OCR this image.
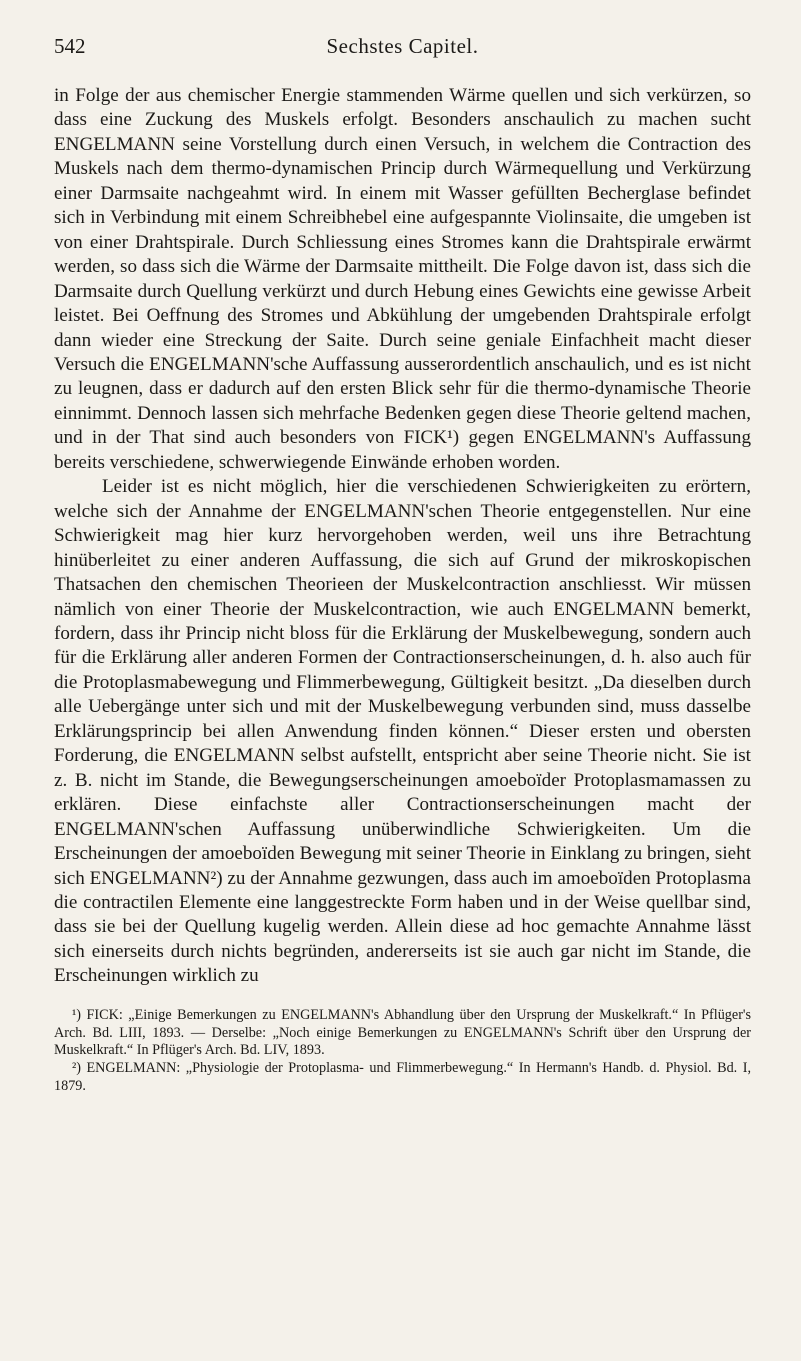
542	Sechstes Capitel.

in Folge der aus chemischer Energie stammenden Wärme quellen und sich verkürzen, so dass eine Zuckung des Muskels erfolgt. Besonders anschaulich zu machen sucht ENGELMANN seine Vorstellung durch einen Versuch, in welchem die Contraction des Muskels nach dem thermo-dynamischen Princip durch Wärmequellung und Verkürzung einer Darmsaite nachgeahmt wird. In einem mit Wasser gefüllten Becherglase befindet sich in Verbindung mit einem Schreibhebel eine aufgespannte Violinsaite, die umgeben ist von einer Drahtspirale. Durch Schliessung eines Stromes kann die Drahtspirale erwärmt werden, so dass sich die Wärme der Darmsaite mittheilt. Die Folge davon ist, dass sich die Darmsaite durch Quellung verkürzt und durch Hebung eines Gewichts eine gewisse Arbeit leistet. Bei Oeffnung des Stromes und Abkühlung der umgebenden Drahtspirale erfolgt dann wieder eine Streckung der Saite. Durch seine geniale Einfachheit macht dieser Versuch die ENGELMANN'sche Auffassung ausserordentlich anschaulich, und es ist nicht zu leugnen, dass er dadurch auf den ersten Blick sehr für die thermo-dynamische Theorie einnimmt. Dennoch lassen sich mehrfache Bedenken gegen diese Theorie geltend machen, und in der That sind auch besonders von FICK¹) gegen ENGELMANN's Auffassung bereits verschiedene, schwerwiegende Einwände erhoben worden.

Leider ist es nicht möglich, hier die verschiedenen Schwierigkeiten zu erörtern, welche sich der Annahme der ENGELMANN'schen Theorie entgegenstellen. Nur eine Schwierigkeit mag hier kurz hervorgehoben werden, weil uns ihre Betrachtung hinüberleitet zu einer anderen Auffassung, die sich auf Grund der mikroskopischen Thatsachen den chemischen Theorieen der Muskelcontraction anschliesst. Wir müssen nämlich von einer Theorie der Muskelcontraction, wie auch ENGELMANN bemerkt, fordern, dass ihr Princip nicht bloss für die Erklärung der Muskelbewegung, sondern auch für die Erklärung aller anderen Formen der Contractionserscheinungen, d. h. also auch für die Protoplasmabewegung und Flimmerbewegung, Gültigkeit besitzt. „Da dieselben durch alle Uebergänge unter sich und mit der Muskelbewegung verbunden sind, muss dasselbe Erklärungsprincip bei allen Anwendung finden können.“ Dieser ersten und obersten Forderung, die ENGELMANN selbst aufstellt, entspricht aber seine Theorie nicht. Sie ist z. B. nicht im Stande, die Bewegungserscheinungen amoeboïder Protoplasmamassen zu erklären. Diese einfachste aller Contractionserscheinungen macht der ENGELMANN'schen Auffassung unüberwindliche Schwierigkeiten. Um die Erscheinungen der amoeboïden Bewegung mit seiner Theorie in Einklang zu bringen, sieht sich ENGELMANN²) zu der Annahme gezwungen, dass auch im amoeboïden Protoplasma die contractilen Elemente eine langgestreckte Form haben und in der Weise quellbar sind, dass sie bei der Quellung kugelig werden. Allein diese ad hoc gemachte Annahme lässt sich einerseits durch nichts begründen, andererseits ist sie auch gar nicht im Stande, die Erscheinungen wirklich zu

¹) FICK: „Einige Bemerkungen zu ENGELMANN's Abhandlung über den Ursprung der Muskelkraft.“ In Pflüger's Arch. Bd. LIII, 1893. — Derselbe: „Noch einige Bemerkungen zu ENGELMANN's Schrift über den Ursprung der Muskelkraft.“ In Pflüger's Arch. Bd. LIV, 1893.

²) ENGELMANN: „Physiologie der Protoplasma- und Flimmerbewegung.“ In Hermann's Handb. d. Physiol. Bd. I, 1879.
